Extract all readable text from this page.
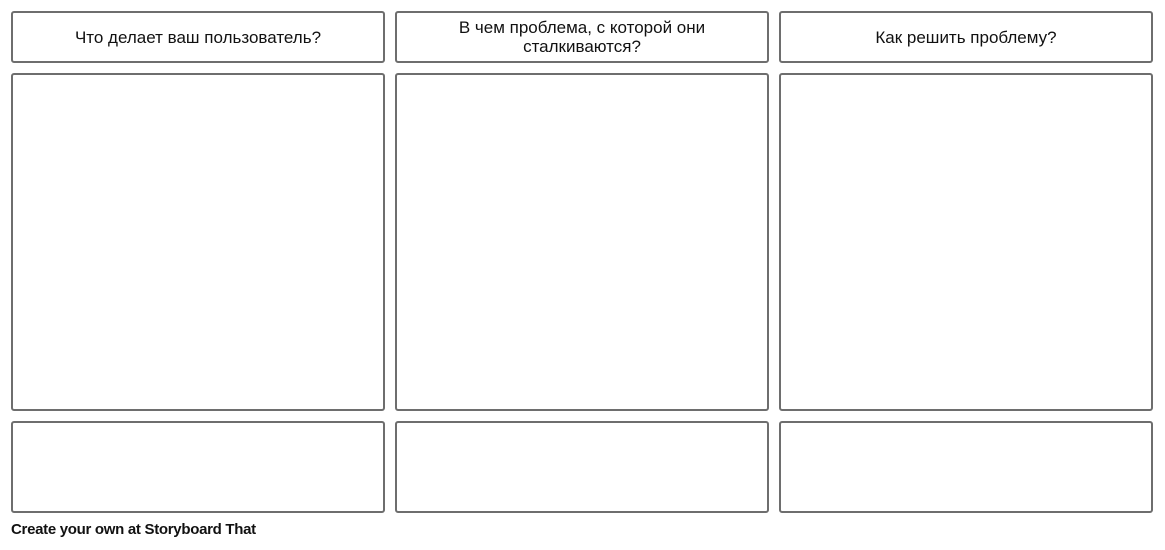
Что делает ваш пользователь?	В чем проблема, с которой они сталкиваются?	Как решить проблему?
Create your own at Storyboard That
